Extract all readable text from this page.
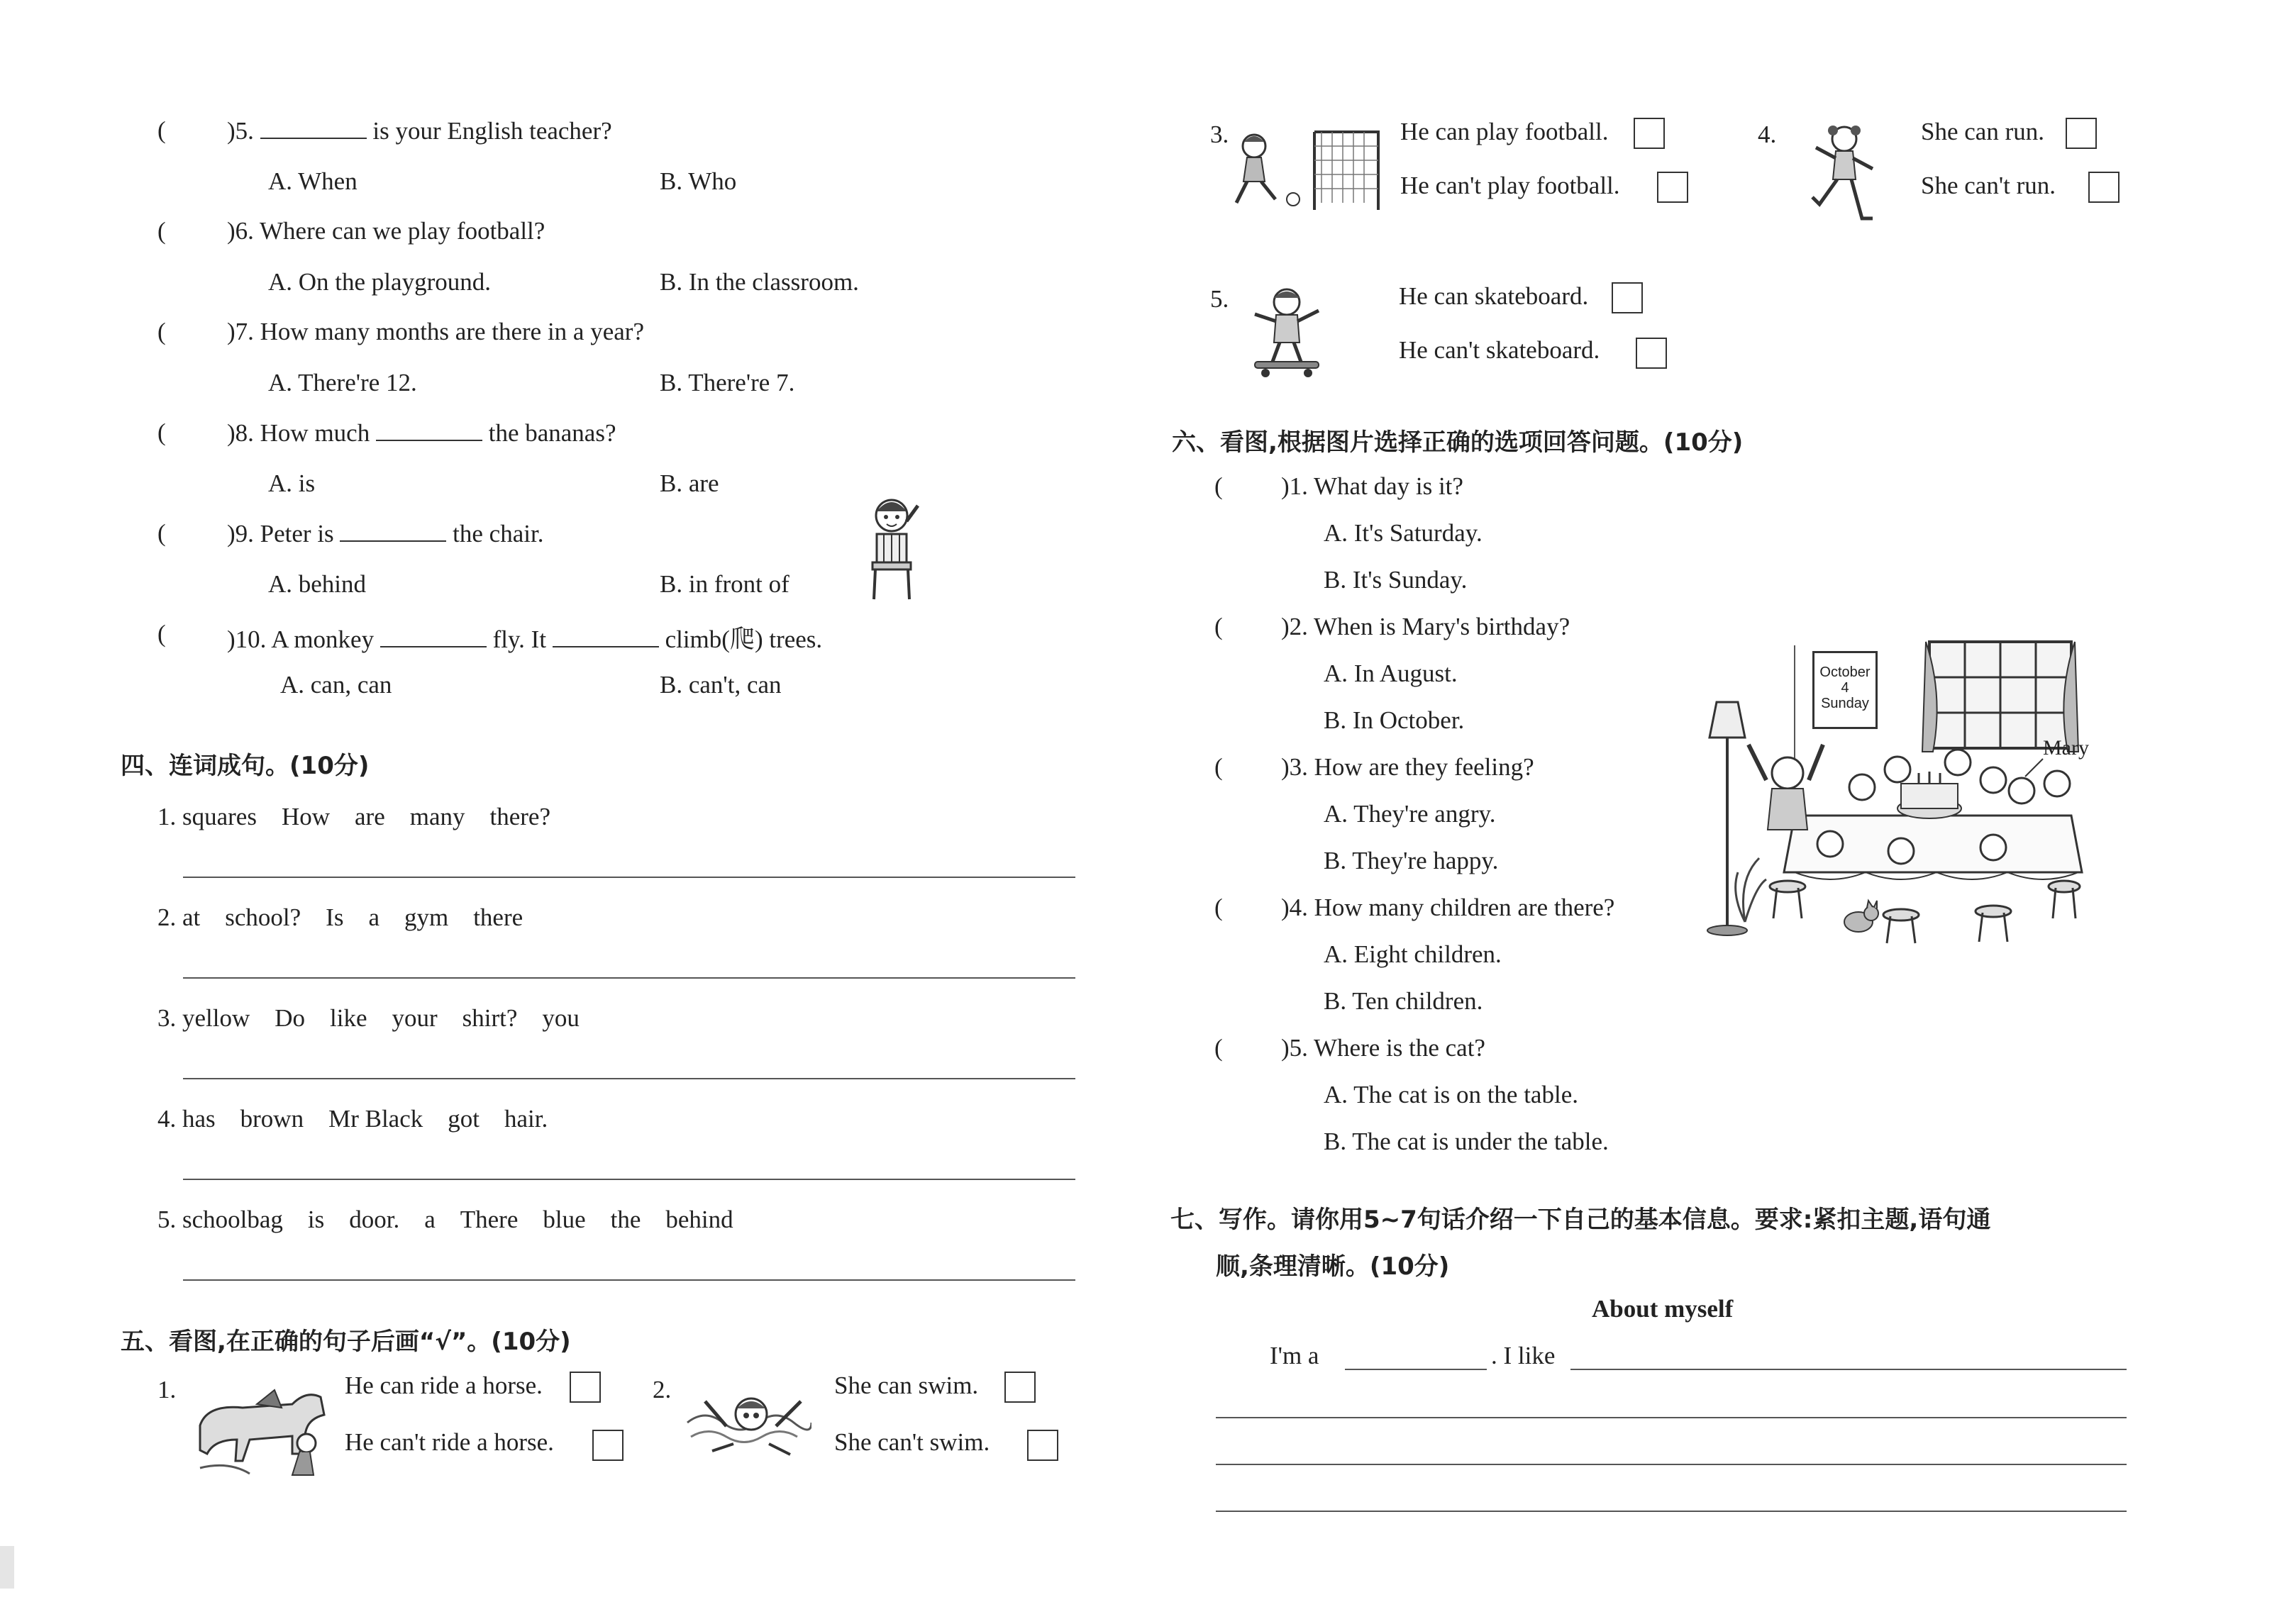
( )5.	is your English teacher?
A. When	B. Who
( )6. Where can we play football?
A. On the playground.	B. In the classroom.
( )7. How many months are there in a year?
A. There're 12.	B. There're 7.
( )8. How much	the bananas?
A. is	B. are
( )9. Peter is	the chair.
A. behind	B. in front of
( )10. A monkey	fly. It	climb(爬) trees.
A. can, can	B. can't, can
四、连词成句。(10分)
1. squares　How　are　many　there?
2. at　school?　Is　a　gym　there
3. yellow　Do　like　your　shirt?　you
4. has　brown　Mr Black　got　hair.
5. schoolbag　is　door.　a　There　blue　the　behind
五、看图,在正确的句子后画“√”。(10分)
1.	He can ride a horse.
He can't ride a horse.
2.	She can swim.
She can't swim.
3.	He can play football.
He can't play football.
4.	She can run.
She can't run.
5.	He can skateboard.
He can't skateboard.
六、看图,根据图片选择正确的选项回答问题。(10分)
( )1. What day is it?
A. It's Saturday.
B. It's Sunday.
( )2. When is Mary's birthday?
A. In August.
B. In October.
( )3. How are they feeling?
A. They're angry.
B. They're happy.
( )4. How many children are there?
A. Eight children.
B. Ten children.
( )5. Where is the cat?
A. The cat is on the table.
B. The cat is under the table.
October
4
Sunday
Mary
七、写作。请你用5~7句话介绍一下自己的基本信息。要求:紧扣主题,语句通
顺,条理清晰。(10分)
About myself
I'm a	. I like
